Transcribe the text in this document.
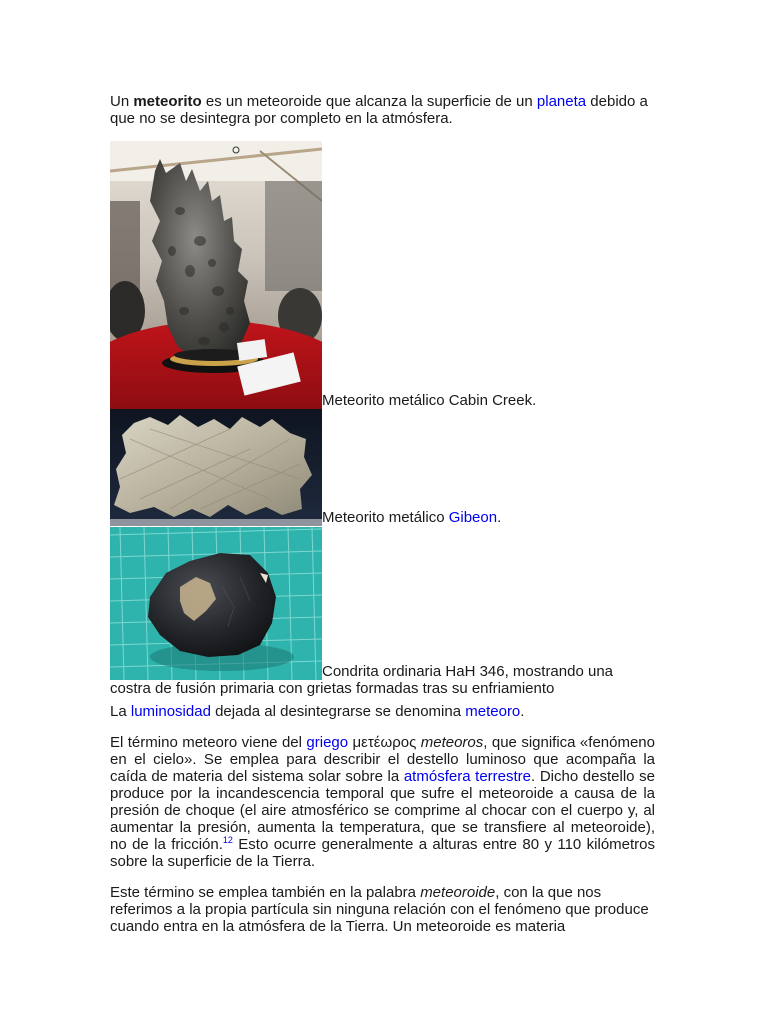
Un meteorito es un meteoroide que alcanza la superficie de un planeta debido a que no se desintegra por completo en la atmósfera.

Meteorito metálico Cabin Creek.
Meteorito metálico Gibeon.
Condrita ordinaria HaH 346, mostrando una

costra de fusión primaria con grietas formadas tras su enfriamiento

La luminosidad dejada al desintegrarse se denomina meteoro.

El término meteoro viene del griego μετέωρος meteoros, que significa «fenómeno en el cielo». Se emplea para describir el destello luminoso que acompaña la caída de materia del sistema solar sobre la atmósfera terrestre. Dicho destello se produce por la incandescencia temporal que sufre el meteoroide a causa de la presión de choque (el aire atmosférico se comprime al chocar con el cuerpo y, al aumentar la presión, aumenta la temperatura, que se transfiere al meteoroide), no de la fricción.$^{12}$ Esto ocurre generalmente a alturas entre 80 y 110 kilómetros sobre la superficie de la Tierra.

Este término se emplea también en la palabra meteoroide, con la que nos referimos a la propia partícula sin ninguna relación con el fenómeno que produce cuando entra en la atmósfera de la Tierra. Un meteoroide es materia
